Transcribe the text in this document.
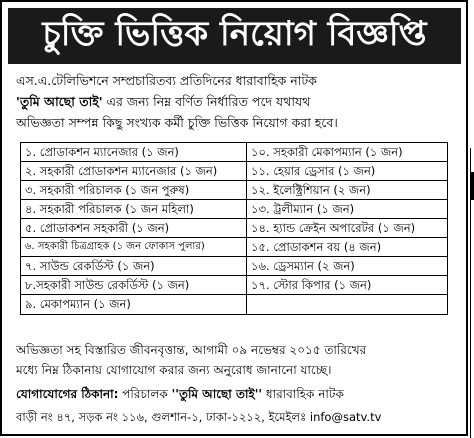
চুক্তি ভিত্তিক নিয়োগ বিজ্ঞপ্তি
এস.এ.টেলিভিশনে সম্প্রচারিতব্য প্রতিদিনের ধারাবাহিক নাটক
'তুমি আছো তাই' এর জন্য নিম্ন বর্ণিত নির্ধারিত পদে যথাযথ
অভিজ্ঞতা সম্পন্ন কিছু সংখ্যক কর্মী চুক্তি ভিত্তিক নিয়োগ করা হবে।
১. প্রোডাকশন ম্যানেজার (১ জন)	১০. সহকারী মেকাপম্যান (১ জন)
২. সহকারী প্রোডাকশন ম্যানেজার (১ জন)	১১. হেয়ার ড্রেসার (১ জন)
৩. সহকারী পরিচালক (১ জন পুরুষ)	১২. ইলেক্ট্রিশিয়ান (২ জন)
৪. সহকারী পরিচালক (১ জন মহিলা)	১৩. ট্রলীম্যান (১ জন)
৫. প্রোডাকশন সহকারী (১ জন)	১৪. হ্যান্ড ক্রেইন অপারেটর (১ জন)
৬. সহকারী চিত্রগ্রাহক (১ জন ফোকাস পুলার)	১৫. প্রোডাকশন বয় (৪ জন)
৭. সাউন্ড রেকর্ডিস্ট (১ জন)	১৬. ড্রেসম্যান (২ জন)
৮.সহকারী সাউন্ড রেকর্ডিস্ট (১ জন)	১৭. স্টোর কিপার (১ জন)
৯. মেকাপম্যান (১ জন)
অভিজ্ঞতা সহ বিস্তারিত জীবনবৃত্তান্ত, আগামী ০৯ নভেম্বর ২০১৫ তারিখের
মধ্যে নিম্ন ঠিকানায় যোগাযোগ করার জন্য অনুরোধ জানানো যাচ্ছে।
যোগাযোগের ঠিকানা: পরিচালক ''তুমি আছো তাই'' ধারাবাহিক নাটক
বাড়ী নং ৪৭, সড়ক নং ১১৬, গুলশান-১, ঢাকা-১২১২, ইমেইলঃ info@satv.tv
